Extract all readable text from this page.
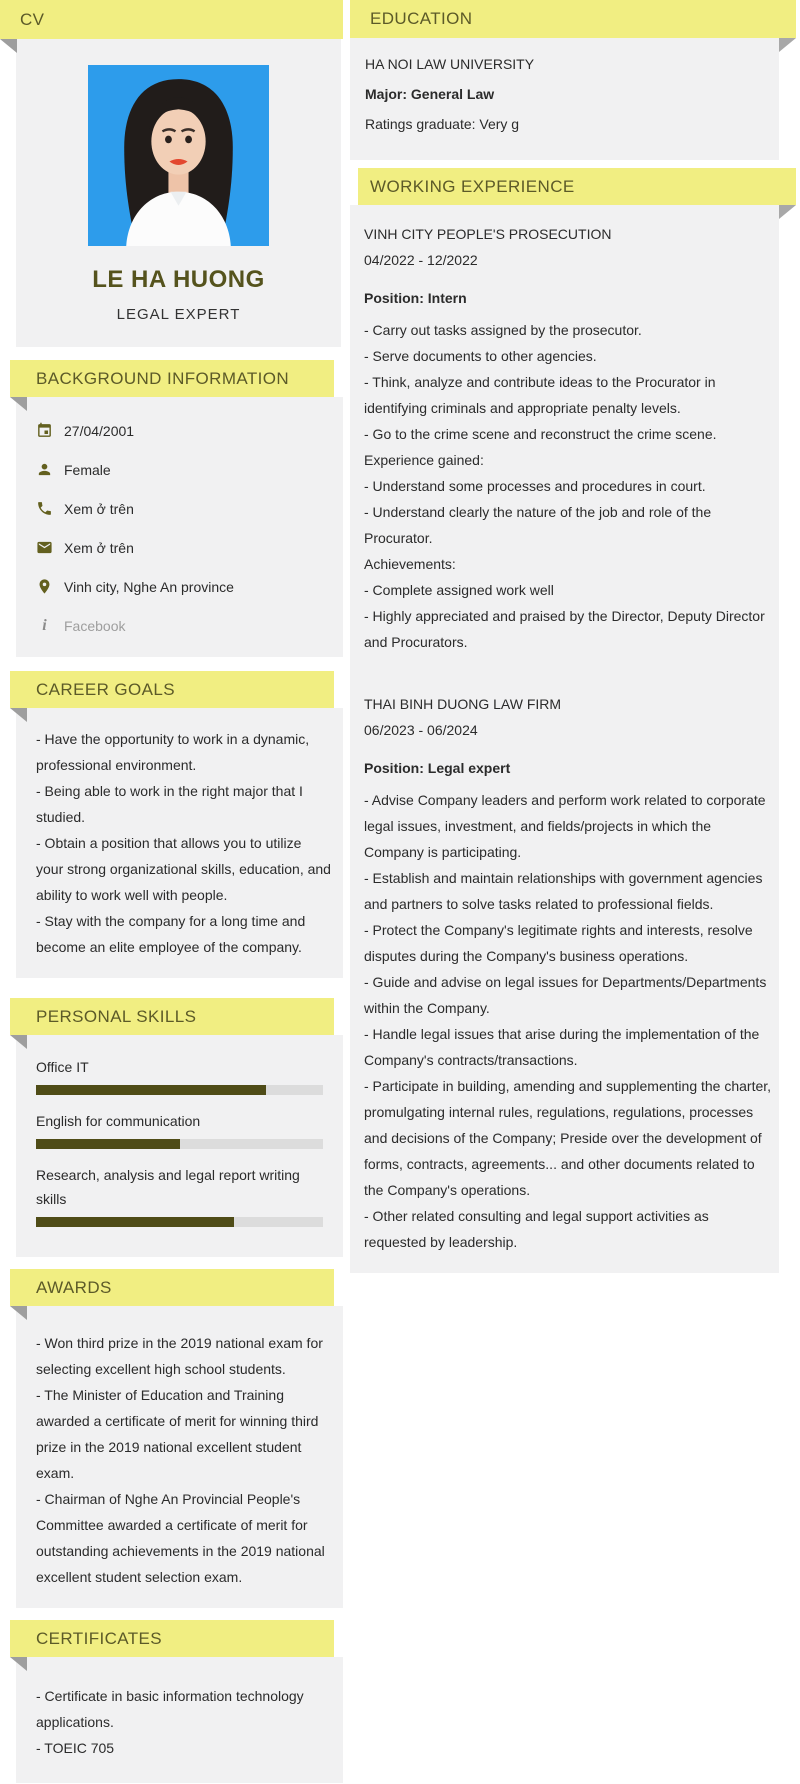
CV
LE HA HUONG
LEGAL EXPERT
BACKGROUND INFORMATION
27/04/2001
Female
Xem ở trên
Xem ở trên
Vinh city, Nghe An province
i Facebook
CAREER GOALS
- Have the opportunity to work in a dynamic, professional environment.
- Being able to work in the right major that I studied.
- Obtain a position that allows you to utilize your strong organizational skills, education, and ability to work well with people.
- Stay with the company for a long time and become an elite employee of the company.
PERSONAL SKILLS
Office IT
English for communication
Research, analysis and legal report writing skills
AWARDS
- Won third prize in the 2019 national exam for selecting excellent high school students.
- The Minister of Education and Training awarded a certificate of merit for winning third prize in the 2019 national excellent student exam.
- Chairman of Nghe An Provincial People's Committee awarded a certificate of merit for outstanding achievements in the 2019 national excellent student selection exam.
CERTIFICATES
- Certificate in basic information technology applications.
- TOEIC 705
EDUCATION
HA NOI LAW UNIVERSITY
Major: General Law
Ratings graduate: Very g
WORKING EXPERIENCE
VINH CITY PEOPLE'S PROSECUTION
04/2022 - 12/2022
Position: Intern
- Carry out tasks assigned by the prosecutor.
- Serve documents to other agencies.
- Think, analyze and contribute ideas to the Procurator in identifying criminals and appropriate penalty levels.
- Go to the crime scene and reconstruct the crime scene.
Experience gained:
- Understand some processes and procedures in court.
- Understand clearly the nature of the job and role of the Procurator.
Achievements:
- Complete assigned work well
- Highly appreciated and praised by the Director, Deputy Director and Procurators.
THAI BINH DUONG LAW FIRM
06/2023 - 06/2024
Position: Legal expert
- Advise Company leaders and perform work related to corporate legal issues, investment, and fields/projects in which the Company is participating.
- Establish and maintain relationships with government agencies and partners to solve tasks related to professional fields.
- Protect the Company's legitimate rights and interests, resolve disputes during the Company's business operations.
- Guide and advise on legal issues for Departments/Departments within the Company.
- Handle legal issues that arise during the implementation of the Company's contracts/transactions.
- Participate in building, amending and supplementing the charter, promulgating internal rules, regulations, regulations, processes and decisions of the Company; Preside over the development of forms, contracts, agreements... and other documents related to the Company's operations.
- Other related consulting and legal support activities as requested by leadership.
